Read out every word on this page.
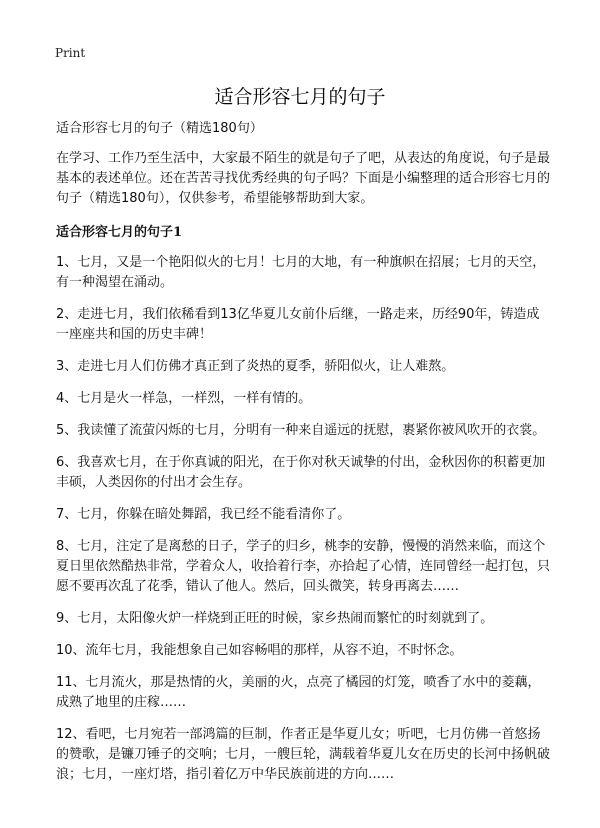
Print
适合形容七月的句子

适合形容七月的句子（精选180句）

在学习、工作乃至生活中，大家最不陌生的就是句子了吧，从表达的角度说，句子是最基本的表述单位。还在苦苦寻找优秀经典的句子吗？下面是小编整理的适合形容七月的句子（精选180句），仅供参考，希望能够帮助到大家。

适合形容七月的句子1

1、七月，又是一个艳阳似火的七月！七月的大地，有一种旗帜在招展；七月的天空，有一种渴望在涌动。

2、走进七月，我们依稀看到13亿华夏儿女前仆后继，一路走来，历经90年，铸造成一座座共和国的历史丰碑！

3、走进七月人们仿佛才真正到了炎热的夏季，骄阳似火，让人难熬。

4、七月是火一样急，一样烈，一样有情的。

5、我读懂了流萤闪烁的七月，分明有一种来自遥远的抚慰，裹紧你被风吹开的衣裳。

6、我喜欢七月，在于你真诚的阳光，在于你对秋天诚挚的付出，金秋因你的积蓄更加丰硕，人类因你的付出才会生存。

7、七月，你躲在暗处舞蹈，我已经不能看清你了。

8、七月，注定了是离愁的日子，学子的归乡，桃李的安静，慢慢的消然来临，而这个夏日里依然酷热非常，学着众人，收拾着行李，亦拾起了心情，连同曾经一起打包，只愿不要再次乱了花季，错认了他人。然后，回头微笑，转身再离去……

9、七月，太阳像火炉一样烧到正旺的时候，家乡热闹而繁忙的时刻就到了。

10、流年七月，我能想象自己如容畅唱的那样，从容不迫，不时怀念。

11、七月流火，那是热情的火，美丽的火，点亮了橘园的灯笼，喷香了水中的菱藕，成熟了地里的庄稼……

12、看吧，七月宛若一部鸿篇的巨制，作者正是华夏儿女；听吧，七月仿佛一首悠扬的赞歌，是镰刀锤子的交响；七月，一艘巨轮，满载着华夏儿女在历史的长河中扬帆破浪；七月，一座灯塔，指引着亿万中华民族前进的方向……
